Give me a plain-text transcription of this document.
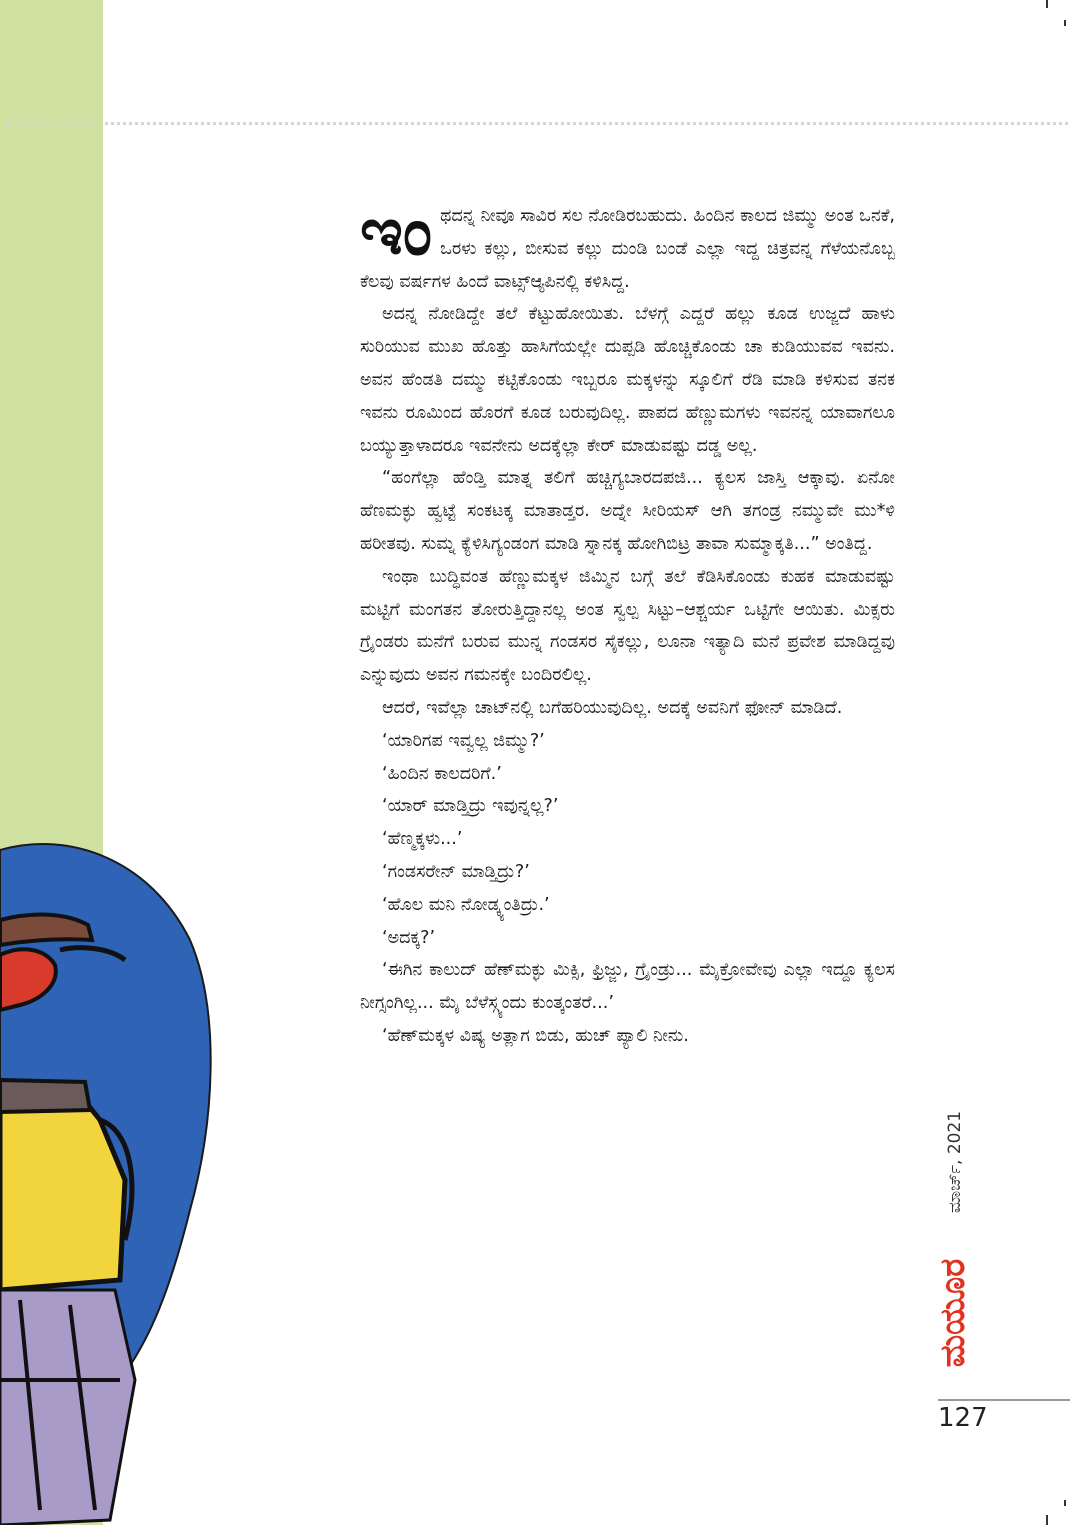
ಇಂಥದನ್ನ ನೀವೂ ಸಾವಿರ ಸಲ ನೋಡಿರಬಹುದು. ಹಿಂದಿನ ಕಾಲದ ಜಿಮ್ಮು ಅಂತ ಒನಕೆ, ಒರಳು ಕಲ್ಲು, ಬೀಸುವ ಕಲ್ಲು ದುಂಡಿ ಬಂಡೆ ಎಲ್ಲಾ ಇದ್ದ ಚಿತ್ರವನ್ನ ಗೆಳೆಯನೊಬ್ಬ ಕೆಲವು ವರ್ಷಗಳ ಹಿಂದೆ ವಾಟ್ಸ್ಆ್ಯಪಿನಲ್ಲಿ ಕಳಿಸಿದ್ದ.

ಅದನ್ನ ನೋಡಿದ್ದೇ ತಲೆ ಕೆಟ್ಟುಹೋಯಿತು. ಬೆಳಗ್ಗೆ ಎದ್ದರೆ ಹಲ್ಲು ಕೂಡ ಉಜ್ಜದೆ ಹಾಳು ಸುರಿಯುವ ಮುಖ ಹೊತ್ತು ಹಾಸಿಗೆಯಲ್ಲೇ ದುಪ್ಪಡಿ ಹೊಚ್ಚಿಕೊಂಡು ಚಾ ಕುಡಿಯುವವ ಇವನು. ಅವನ ಹೆಂಡತಿ ದಮ್ಮು ಕಟ್ಟಿಕೊಂಡು ಇಬ್ಬರೂ ಮಕ್ಕಳನ್ನು ಸ್ಕೂಲಿಗೆ ರೆಡಿ ಮಾಡಿ ಕಳಿಸುವ ತನಕ ಇವನು ರೂಮಿಂದ ಹೊರಗೆ ಕೂಡ ಬರುವುದಿಲ್ಲ. ಪಾಪದ ಹೆಣ್ಣುಮಗಳು ಇವನನ್ನ ಯಾವಾಗಲೂ ಬಯ್ಯುತ್ತಾಳಾದರೂ ಇವನೇನು ಅದಕ್ಕೆಲ್ಲಾ ಕೇರ್ ಮಾಡುವಷ್ಟು ದಡ್ಡ ಅಲ್ಲ.

“ಹಂಗೆಲ್ಲಾ ಹೆಂಡ್ತಿ ಮಾತ್ನ ತಲಿಗೆ ಹಚ್ಚಿಗ್ಯಬಾರದಪಜಿ... ಕ್ಯಲಸ ಜಾಸ್ತಿ ಆಕ್ಕಾವು. ಏನೋ ಹೆಣಮಕ್ಳು ಹ್ವಟ್ಟೆ ಸಂಕಟಕ್ಕ ಮಾತಾಡ್ತರ. ಅದ್ನೇ ಸೀರಿಯಸ್ ಆಗಿ ತಗಂಡ್ರ ನಮ್ಮುವೇ ಮು*ಳಿ ಹರೀತವು. ಸುಮ್ನ ಕ್ಯೆಳಿಸಿಗ್ಯಂಡಂಗ ಮಾಡಿ ಸ್ನಾನಕ್ಕ ಹೋಗಿಬಿಟ್ರ ತಾವಾ ಸುಮ್ಮಾಕ್ಕತಿ...” ಅಂತಿದ್ದ.

ಇಂಥಾ ಬುದ್ಧಿವಂತ ಹೆಣ್ಣುಮಕ್ಕಳ ಜಿಮ್ಮಿನ ಬಗ್ಗೆ ತಲೆ ಕೆಡಿಸಿಕೊಂಡು ಕುಹಕ ಮಾಡುವಷ್ಟು ಮಟ್ಟಿಗೆ ಮಂಗತನ ತೋರುತ್ತಿದ್ದಾನಲ್ಲ ಅಂತ ಸ್ವಲ್ಪ ಸಿಟ್ಟು–ಆಶ್ಚರ್ಯ ಒಟ್ಟಿಗೇ ಆಯಿತು. ಮಿಕ್ಸರು ಗ್ರೈಂಡರು ಮನೆಗೆ ಬರುವ ಮುನ್ನ ಗಂಡಸರ ಸೈಕಲ್ಲು, ಲೂನಾ ಇತ್ಯಾದಿ ಮನೆ ಪ್ರವೇಶ ಮಾಡಿದ್ದವು ಎನ್ನುವುದು ಅವನ ಗಮನಕ್ಕೇ ಬಂದಿರಲಿಲ್ಲ.

ಆದರೆ, ಇವೆಲ್ಲಾ ಚಾಟ್‌ನಲ್ಲಿ ಬಗೆಹರಿಯುವುದಿಲ್ಲ. ಅದಕ್ಕೆ ಅವನಿಗೆ ಫೋನ್ ಮಾಡಿದೆ.

‘ಯಾರಿಗಪ ಇವ್ವಲ್ಲ ಜಿಮ್ಮು?’

‘ಹಿಂದಿನ ಕಾಲದರಿಗೆ.’

‘ಯಾರ್ ಮಾಡ್ತಿದ್ರು ಇವುನ್ನಲ್ಲ?’

‘ಹೆಣ್ಮಕ್ಕಳು...’

‘ಗಂಡಸರೇನ್ ಮಾಡ್ತಿದ್ರು?’

‘ಹೊಲ ಮನಿ ನೋಡ್ಕ್ಯಂತಿದ್ರು.’

‘ಅದಕ್ಕ?’

‘ಈಗಿನ ಕಾಲುದ್ ಹೆಣ್‌ಮಕ್ಳು ಮಿಕ್ಸಿ, ಫ್ರಿಜ್ಜು, ಗ್ರೈಂಡ್ರು... ಮೈಕ್ರೋವೇವು ಎಲ್ಲಾ ಇದ್ದೂ ಕ್ಯಲಸ ನೀಗ್ಸಂಗಿಲ್ಲ... ಮೈ ಬೆಳೆಸ್ಗ್ಯಂದು ಕುಂತ್ಕಂತರೆ...’

‘ಹೆಣ್‌ಮಕ್ಕಳ ವಿಷ್ಯ ಅತ್ಲಾಗ ಬಿಡು, ಹುಚ್ ಪ್ಯಾಲಿ ನೀನು.

ಮಾರ್ಚ್, 2021
ಮಯೂರ
127
